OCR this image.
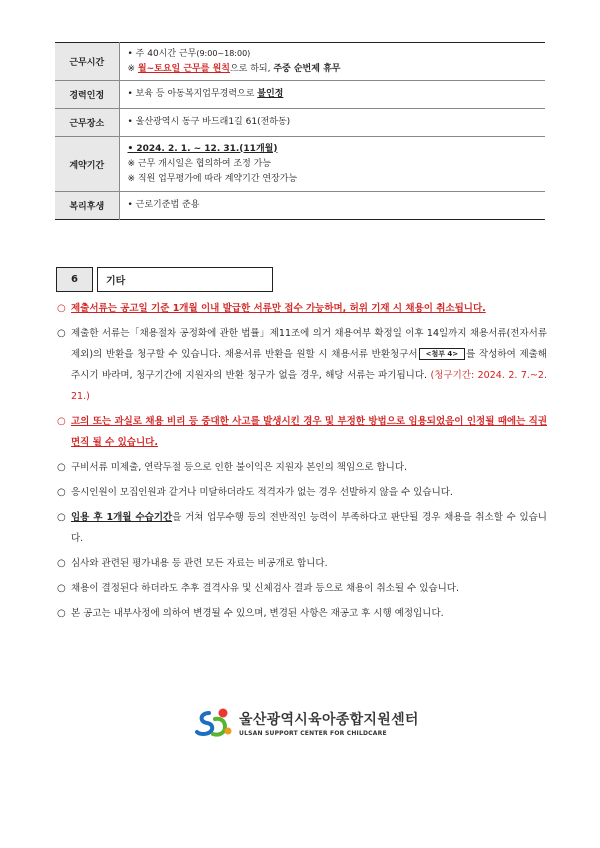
근무시간	• 주 40시간 근무(9:00~18:00)
※ 월~토요일 근무를 원칙으로 하되, 주중 순번제 휴무

경력인정	• 보육 등 아동복지업무경력으로 불인정
근무장소	• 울산광역시 동구 바드래1길 61(전하동)
계약기간	• 2024. 2. 1. ~ 12. 31.(11개월)
※ 근무 개시일은 협의하여 조정 가능
※ 직원 업무평가에 따라 계약기간 연장가능

복리후생	• 근로기준법 준용
6	기타
○ 제출서류는 공고일 기준 1개월 이내 발급한 서류만 접수 가능하며, 허위 기재 시 채용이 취소됩니다.
○ 제출한 서류는「채용절차 공정화에 관한 법률」제11조에 의거 채용여부 확정일 이후 14일까지 채용서류(전자서류 제외)의 반환을 청구할 수 있습니다. 채용서류 반환을 원할 시 채용서류 반환청구서 <첨부 4> 를 작성하여 제출해주시기 바라며, 청구기간에 지원자의 반환 청구가 없을 경우, 해당 서류는 파기됩니다. (청구기간: 2024. 2. 7.~2. 21.)
○ 고의 또는 과실로 채용 비리 등 중대한 사고를 발생시킨 경우 및 부정한 방법으로 임용되었음이 인정될 때에는 직권면직 될 수 있습니다.
○ 구비서류 미제출, 연락두절 등으로 인한 불이익은 지원자 본인의 책임으로 합니다.
○ 응시인원이 모집인원과 같거나 미달하더라도 적격자가 없는 경우 선발하지 않을 수 있습니다.
○ 임용 후 1개월 수습기간을 거쳐 업무수행 등의 전반적인 능력이 부족하다고 판단될 경우 채용을 취소할 수 있습니다.
○ 심사와 관련된 평가내용 등 관련 모든 자료는 비공개로 합니다.
○ 채용이 결정된다 하더라도 추후 결격사유 및 신체검사 결과 등으로 채용이 취소될 수 있습니다.
○ 본 공고는 내부사정에 의하여 변경될 수 있으며, 변경된 사항은 재공고 후 시행 예정입니다.
울산광역시육아종합지원센터
ULSAN SUPPORT CENTER FOR CHILDCARE
